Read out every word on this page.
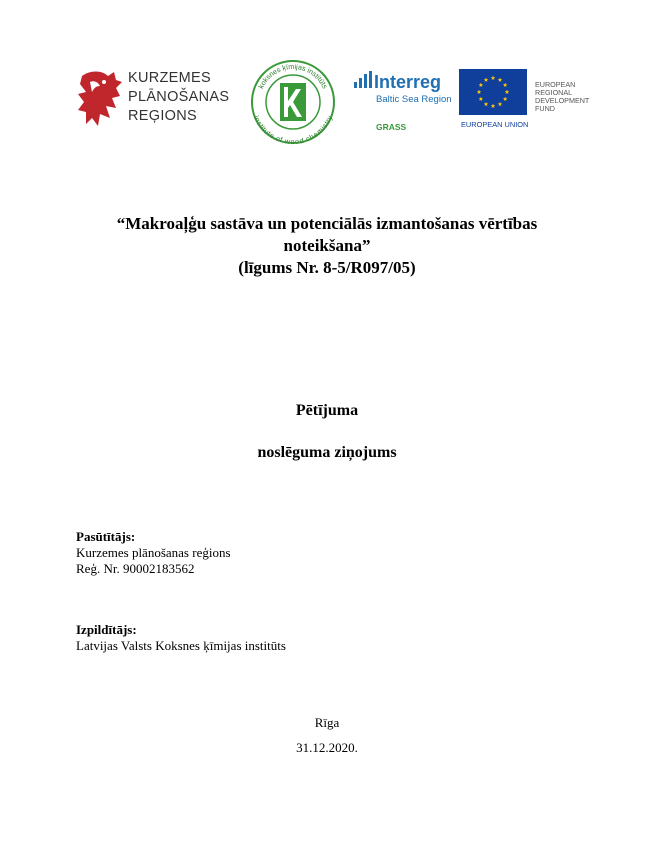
KURZEMES
PLĀNOŠANAS
REĢIONS
koksnes ķīmijas institūts
institute of wood chemistry
Interreg
Baltic Sea Region
GRASS	EUROPEAN UNION
EUROPEAN
REGIONAL
DEVELOPMENT
FUND
“Makroaļģu sastāva un potenciālās izmantošanas vērtības
noteikšana”
(līgums Nr. 8-5/R097/05)
Pētījuma
noslēguma ziņojums
Pasūtītājs:
Kurzemes plānošanas reģions
Reģ. Nr. 90002183562
Izpildītājs:
Latvijas Valsts Koksnes ķīmijas institūts
Rīga
31.12.2020.
